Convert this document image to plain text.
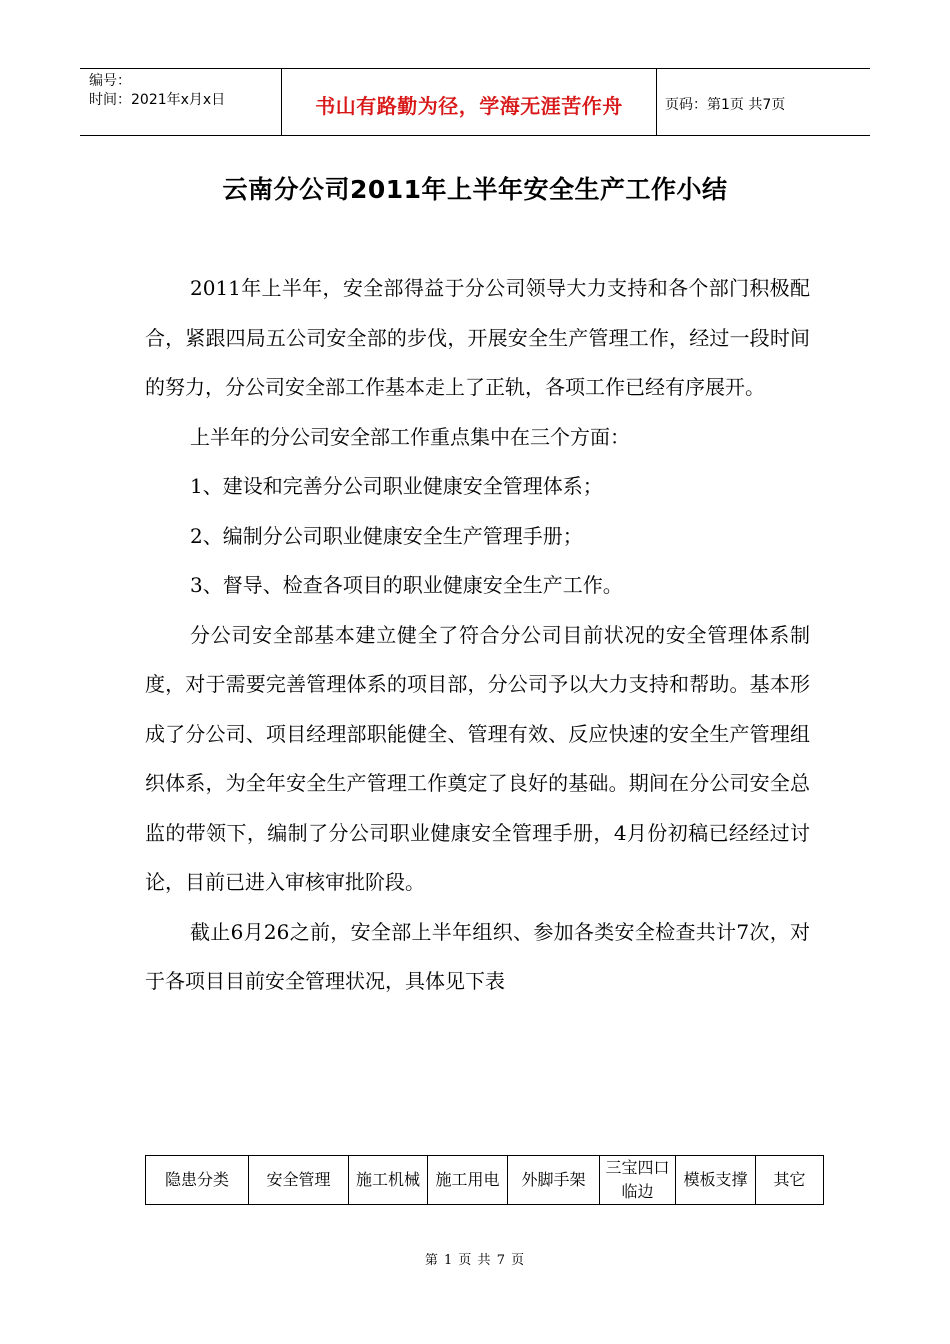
编号：
时间：2021年x月x日	书山有路勤为径，学海无涯苦作舟	页码：第1页 共7页
云南分公司2011年上半年安全生产工作小结

2011年上半年，安全部得益于分公司领导大力支持和各个部门积极配合，紧跟四局五公司安全部的步伐，开展安全生产管理工作，经过一段时间的努力，分公司安全部工作基本走上了正轨，各项工作已经有序展开。

上半年的分公司安全部工作重点集中在三个方面：

1、建设和完善分公司职业健康安全管理体系；

2、编制分公司职业健康安全生产管理手册；

3、督导、检查各项目的职业健康安全生产工作。

分公司安全部基本建立健全了符合分公司目前状况的安全管理体系制度，对于需要完善管理体系的项目部，分公司予以大力支持和帮助。基本形成了分公司、项目经理部职能健全、管理有效、反应快速的安全生产管理组织体系，为全年安全生产管理工作奠定了良好的基础。期间在分公司安全总监的带领下，编制了分公司职业健康安全管理手册，4月份初稿已经经过讨论，目前已进入审核审批阶段。

截止6月26之前，安全部上半年组织、参加各类安全检查共计7次，对于各项目目前安全管理状况，具体见下表

隐患分类	安全管理	施工机械	施工用电	外脚手架	三宝四口临边	模板支撑	其它
第 1 页 共 7 页
